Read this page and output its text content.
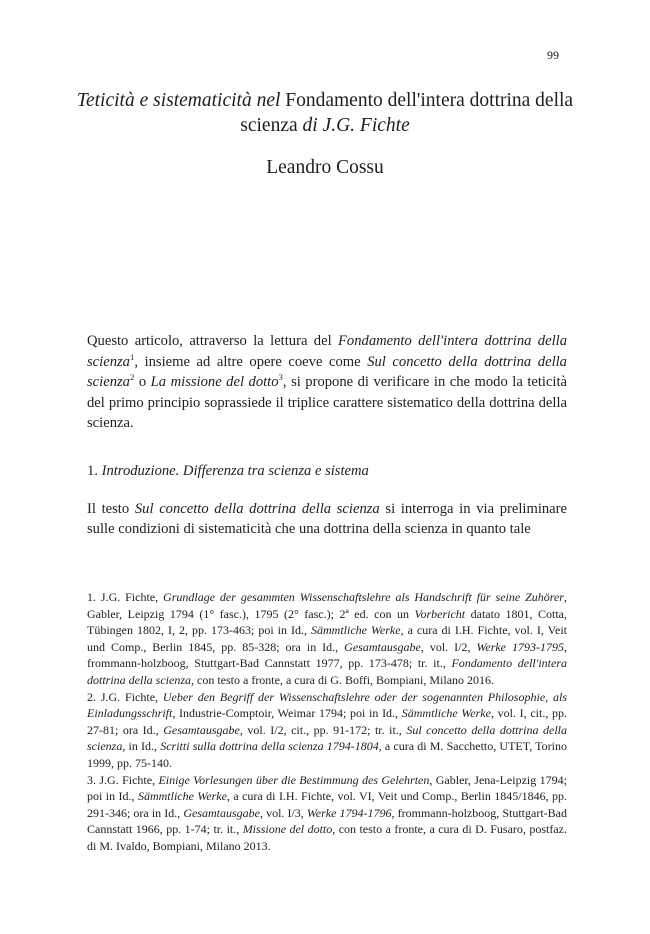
99
Teticità e sistematicità nel Fondamento dell'intera dottrina della scienza di J.G. Fichte
Leandro Cossu

Questo articolo, attraverso la lettura del Fondamento dell'intera dottrina della scienza$^1$, insieme ad altre opere coeve come Sul concetto della dottrina della scienza$^2$ o La missione del dotto$^3$, si propone di verificare in che modo la teticità del primo principio soprassiede il triplice carattere sistematico della dottrina della scienza.

1. Introduzione. Differenza tra scienza e sistema

Il testo Sul concetto della dottrina della scienza si interroga in via preliminare sulle condizioni di sistematicità che una dottrina della scienza in quanto tale

1. J.G. Fichte, Grundlage der gesammten Wissenschaftslehre als Handschrift für seine Zuhörer, Gabler, Leipzig 1794 (1° fasc.), 1795 (2° fasc.); 2ª ed. con un Vorbericht datato 1801, Cotta, Tübingen 1802, I, 2, pp. 173-463; poi in Id., Sämmtliche Werke, a cura di I.H. Fichte, vol. I, Veit und Comp., Berlin 1845, pp. 85-328; ora in Id., Gesamtausgabe, vol. I/2, Werke 1793-1795, frommann-holzboog, Stuttgart-Bad Cannstatt 1977, pp. 173-478; tr. it., Fondamento dell'intera dottrina della scienza, con testo a fronte, a cura di G. Boffi, Bompiani, Milano 2016.

2. J.G. Fichte, Ueber den Begriff der Wissenschaftslehre oder der sogenannten Philosophie, als Einladungsschrift, Industrie-Comptoir, Weimar 1794; poi in Id., Sämmtliche Werke, vol. I, cit., pp. 27-81; ora Id., Gesamtausgabe, vol. I/2, cit., pp. 91-172; tr. it., Sul concetto della dottrina della scienza, in Id., Scritti sulla dottrina della scienza 1794-1804, a cura di M. Sacchetto, UTET, Torino 1999, pp. 75-140.

3. J.G. Fichte, Einige Vorlesungen über die Bestimmung des Gelehrten, Gabler, Jena-Leipzig 1794; poi in Id., Sämmtliche Werke, a cura di I.H. Fichte, vol. VI, Veit und Comp., Berlin 1845/1846, pp. 291-346; ora in Id., Gesamtausgabe, vol. I/3, Werke 1794-1796, frommann-holzboog, Stuttgart-Bad Cannstatt 1966, pp. 1-74; tr. it., Missione del dotto, con testo a fronte, a cura di D. Fusaro, postfaz. di M. Ivaldo, Bompiani, Milano 2013.
